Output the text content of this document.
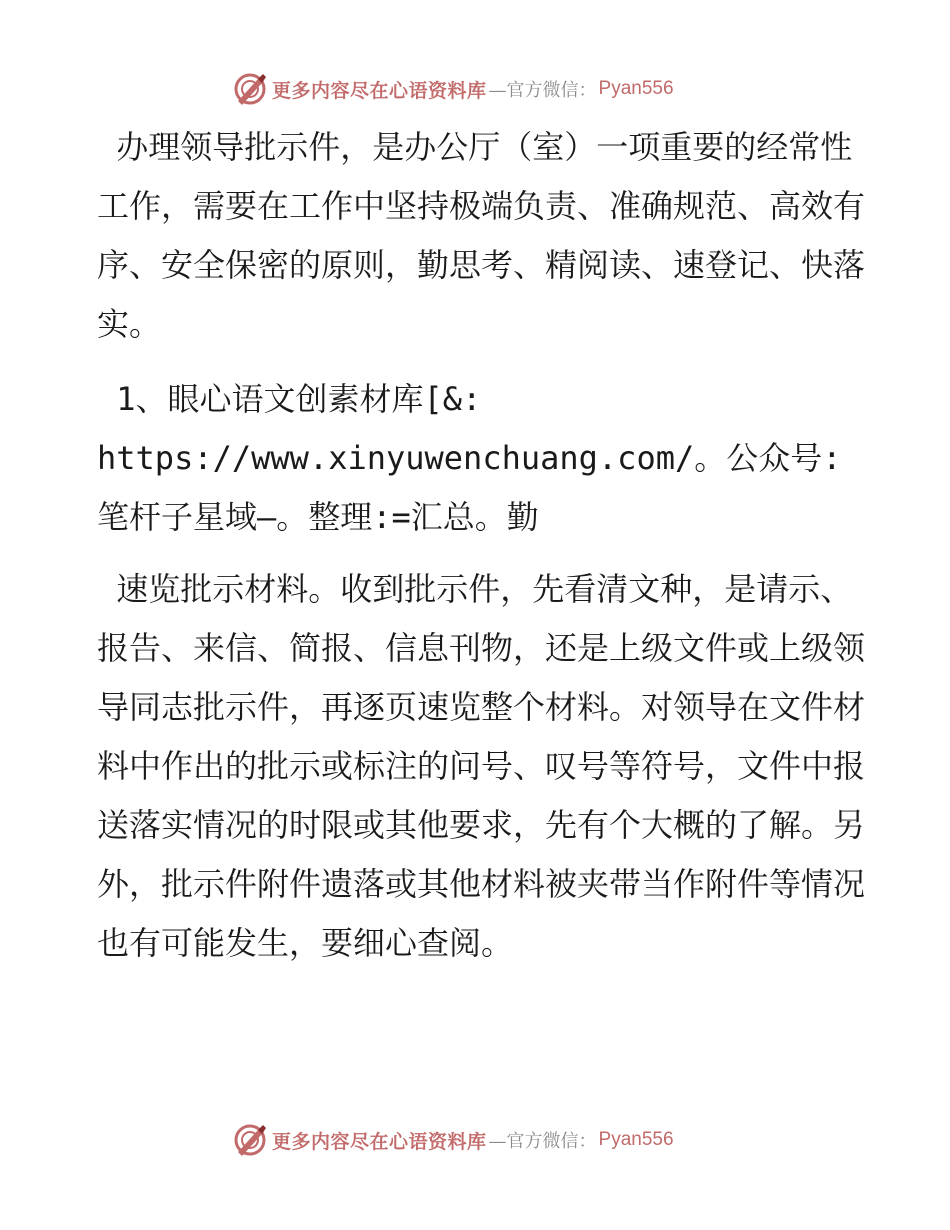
更多内容尽在心语资料库 —官方微信： Pyan556

办理领导批示件，是办公厅（室）一项重要的经常性工作，需要在工作中坚持极端负责、准确规范、高效有序、安全保密的原则，勤思考、精阅读、速登记、快落实。

1、眼心语文创素材库[&: https://www.xinyuwenchuang.com/。公众号: 笔杆子星域—。整理:=汇总。勤

速览批示材料。收到批示件，先看清文种，是请示、报告、来信、简报、信息刊物，还是上级文件或上级领导同志批示件，再逐页速览整个材料。对领导在文件材料中作出的批示或标注的问号、叹号等符号，文件中报送落实情况的时限或其他要求，先有个大概的了解。另外，批示件附件遗落或其他材料被夹带当作附件等情况也有可能发生，要细心查阅。

更多内容尽在心语资料库 —官方微信： Pyan556
